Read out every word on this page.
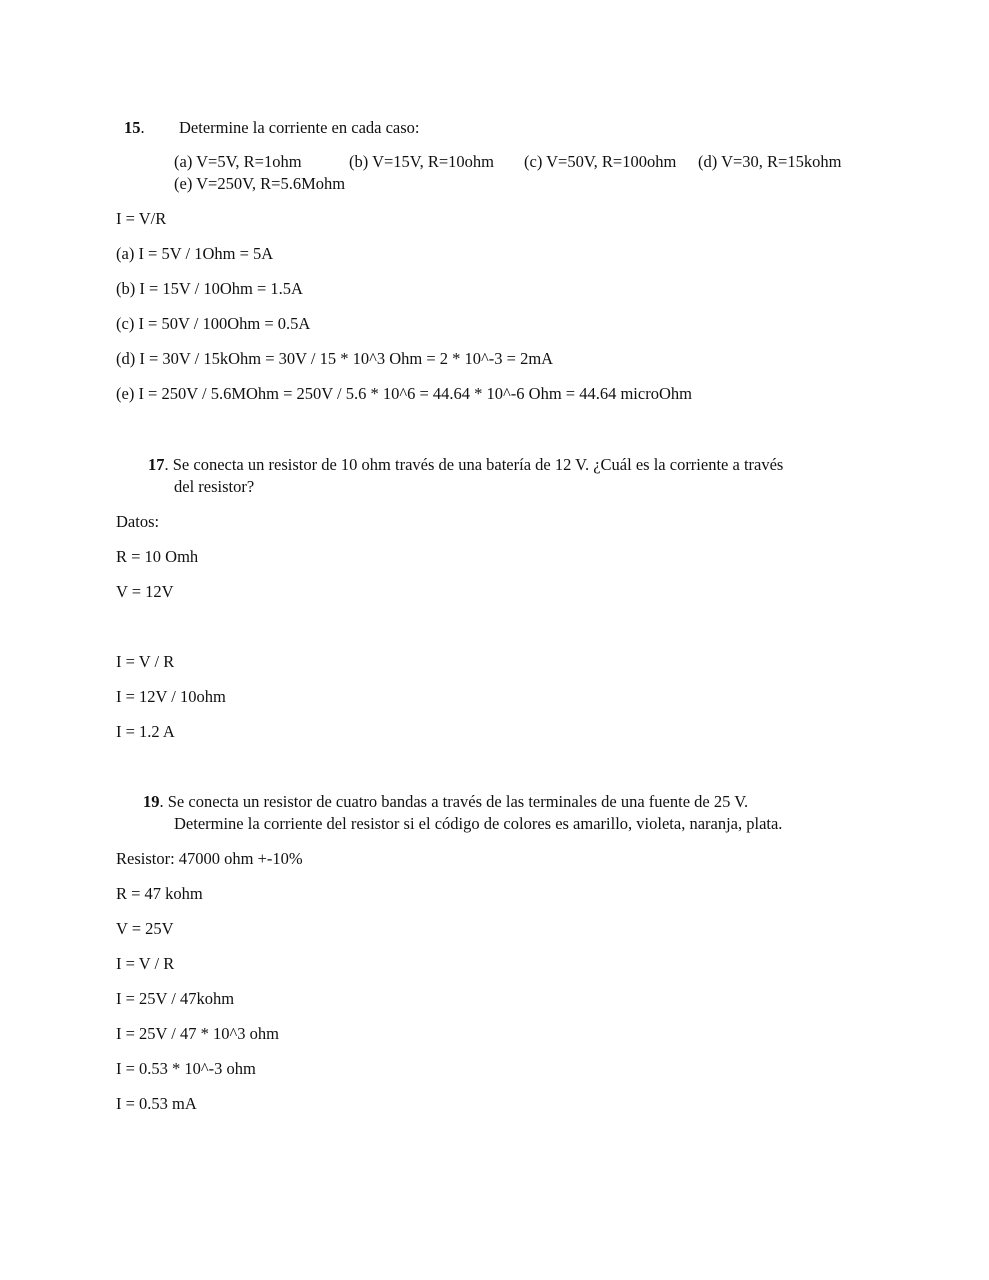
15. Determine la corriente en cada caso:
(a) V=5V, R=1ohm	(b) V=15V, R=10ohm (c) V=50V, R=100ohm (d) V=30, R=15kohm
(e) V=250V, R=5.6Mohm
I = V/R
(a) I = 5V / 1Ohm = 5A
(b) I = 15V / 10Ohm = 1.5A
(c) I = 50V / 100Ohm = 0.5A
(d) I = 30V / 15kOhm = 30V / 15 * 10^3 Ohm = 2 * 10^-3 = 2mA
(e) I = 250V / 5.6MOhm = 250V / 5.6 * 10^6 = 44.64 * 10^-6 Ohm = 44.64 microOhm
17. Se conecta un resistor de 10 ohm través de una batería de 12 V. ¿Cuál es la corriente a través
del resistor?
Datos:
R = 10 Omh
V = 12V
I = V / R
I = 12V / 10ohm
I = 1.2 A
19. Se conecta un resistor de cuatro bandas a través de las terminales de una fuente de 25 V.
Determine la corriente del resistor si el código de colores es amarillo, violeta, naranja, plata.
Resistor: 47000 ohm +-10%
R = 47 kohm
V = 25V
I = V / R
I = 25V / 47kohm
I = 25V / 47 * 10^3 ohm
I = 0.53 * 10^-3 ohm
I = 0.53 mA
